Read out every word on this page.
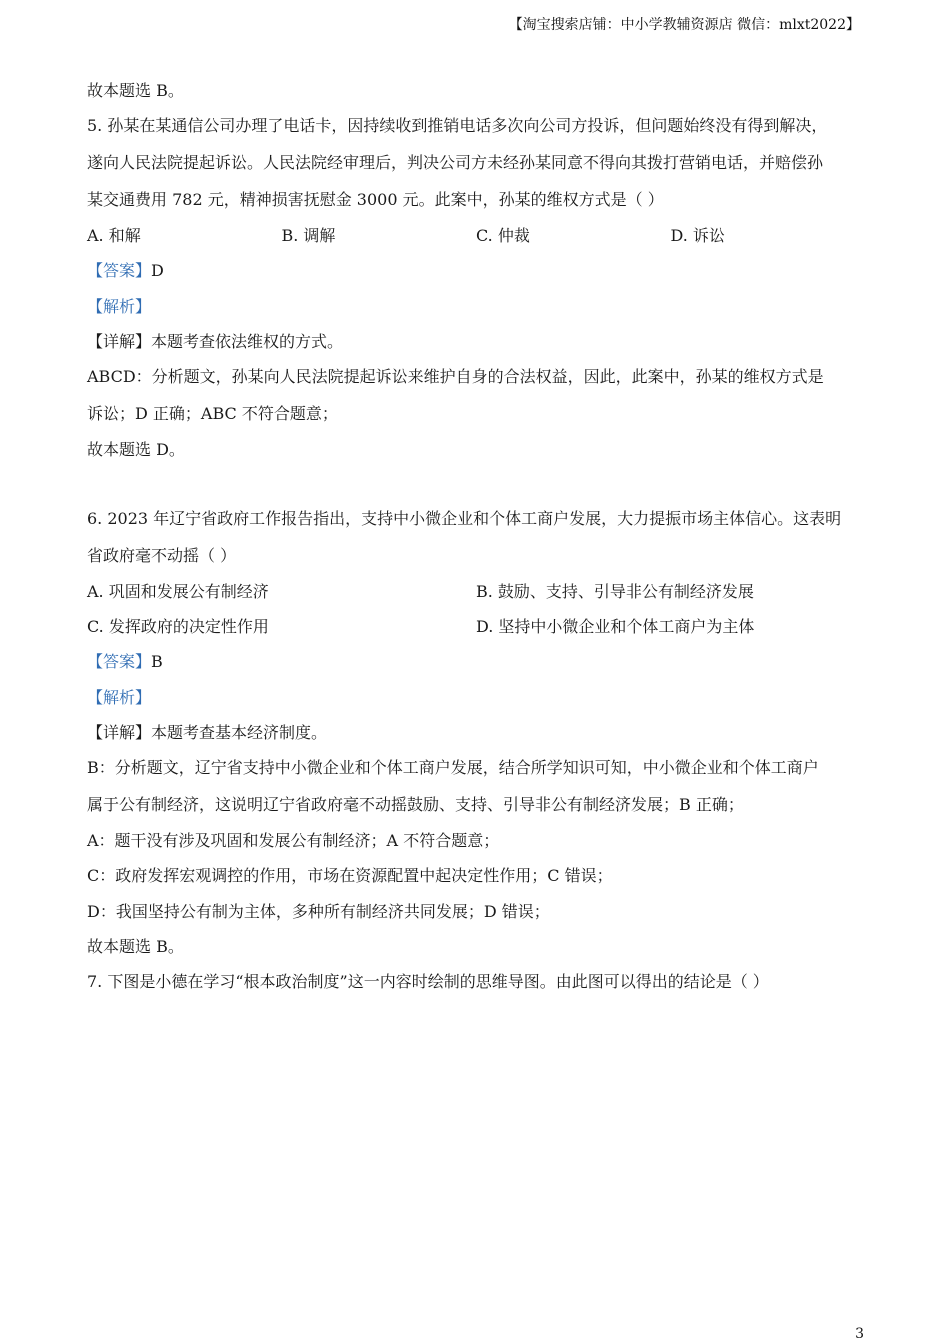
【淘宝搜索店铺：中小学教辅资源店 微信：mlxt2022】
故本题选 B。
5. 孙某在某通信公司办理了电话卡，因持续收到推销电话多次向公司方投诉，但问题始终没有得到解决，
遂向人民法院提起诉讼。人民法院经审理后，判决公司方未经孙某同意不得向其拨打营销电话，并赔偿孙
某交通费用 782 元，精神损害抚慰金 3000 元。此案中，孙某的维权方式是（ ）
A. 和解	B. 调解	C. 仲裁	D. 诉讼
【答案】D
【解析】
【详解】本题考查依法维权的方式。
ABCD：分析题文，孙某向人民法院提起诉讼来维护自身的合法权益，因此，此案中，孙某的维权方式是
诉讼；D 正确；ABC 不符合题意；
故本题选 D。
6. 2023 年辽宁省政府工作报告指出，支持中小微企业和个体工商户发展，大力提振市场主体信心。这表明
省政府毫不动摇（ ）
A. 巩固和发展公有制经济	B. 鼓励、支持、引导非公有制经济发展
C. 发挥政府的决定性作用	D. 坚持中小微企业和个体工商户为主体
【答案】B
【解析】
【详解】本题考查基本经济制度。
B：分析题文，辽宁省支持中小微企业和个体工商户发展，结合所学知识可知，中小微企业和个体工商户
属于公有制经济，这说明辽宁省政府毫不动摇鼓励、支持、引导非公有制经济发展；B 正确；
A：题干没有涉及巩固和发展公有制经济；A 不符合题意；
C：政府发挥宏观调控的作用，市场在资源配置中起决定性作用；C 错误；
D：我国坚持公有制为主体，多种所有制经济共同发展；D 错误；
故本题选 B。
7. 下图是小德在学习“根本政治制度”这一内容时绘制的思维导图。由此图可以得出的结论是（ ）
3
